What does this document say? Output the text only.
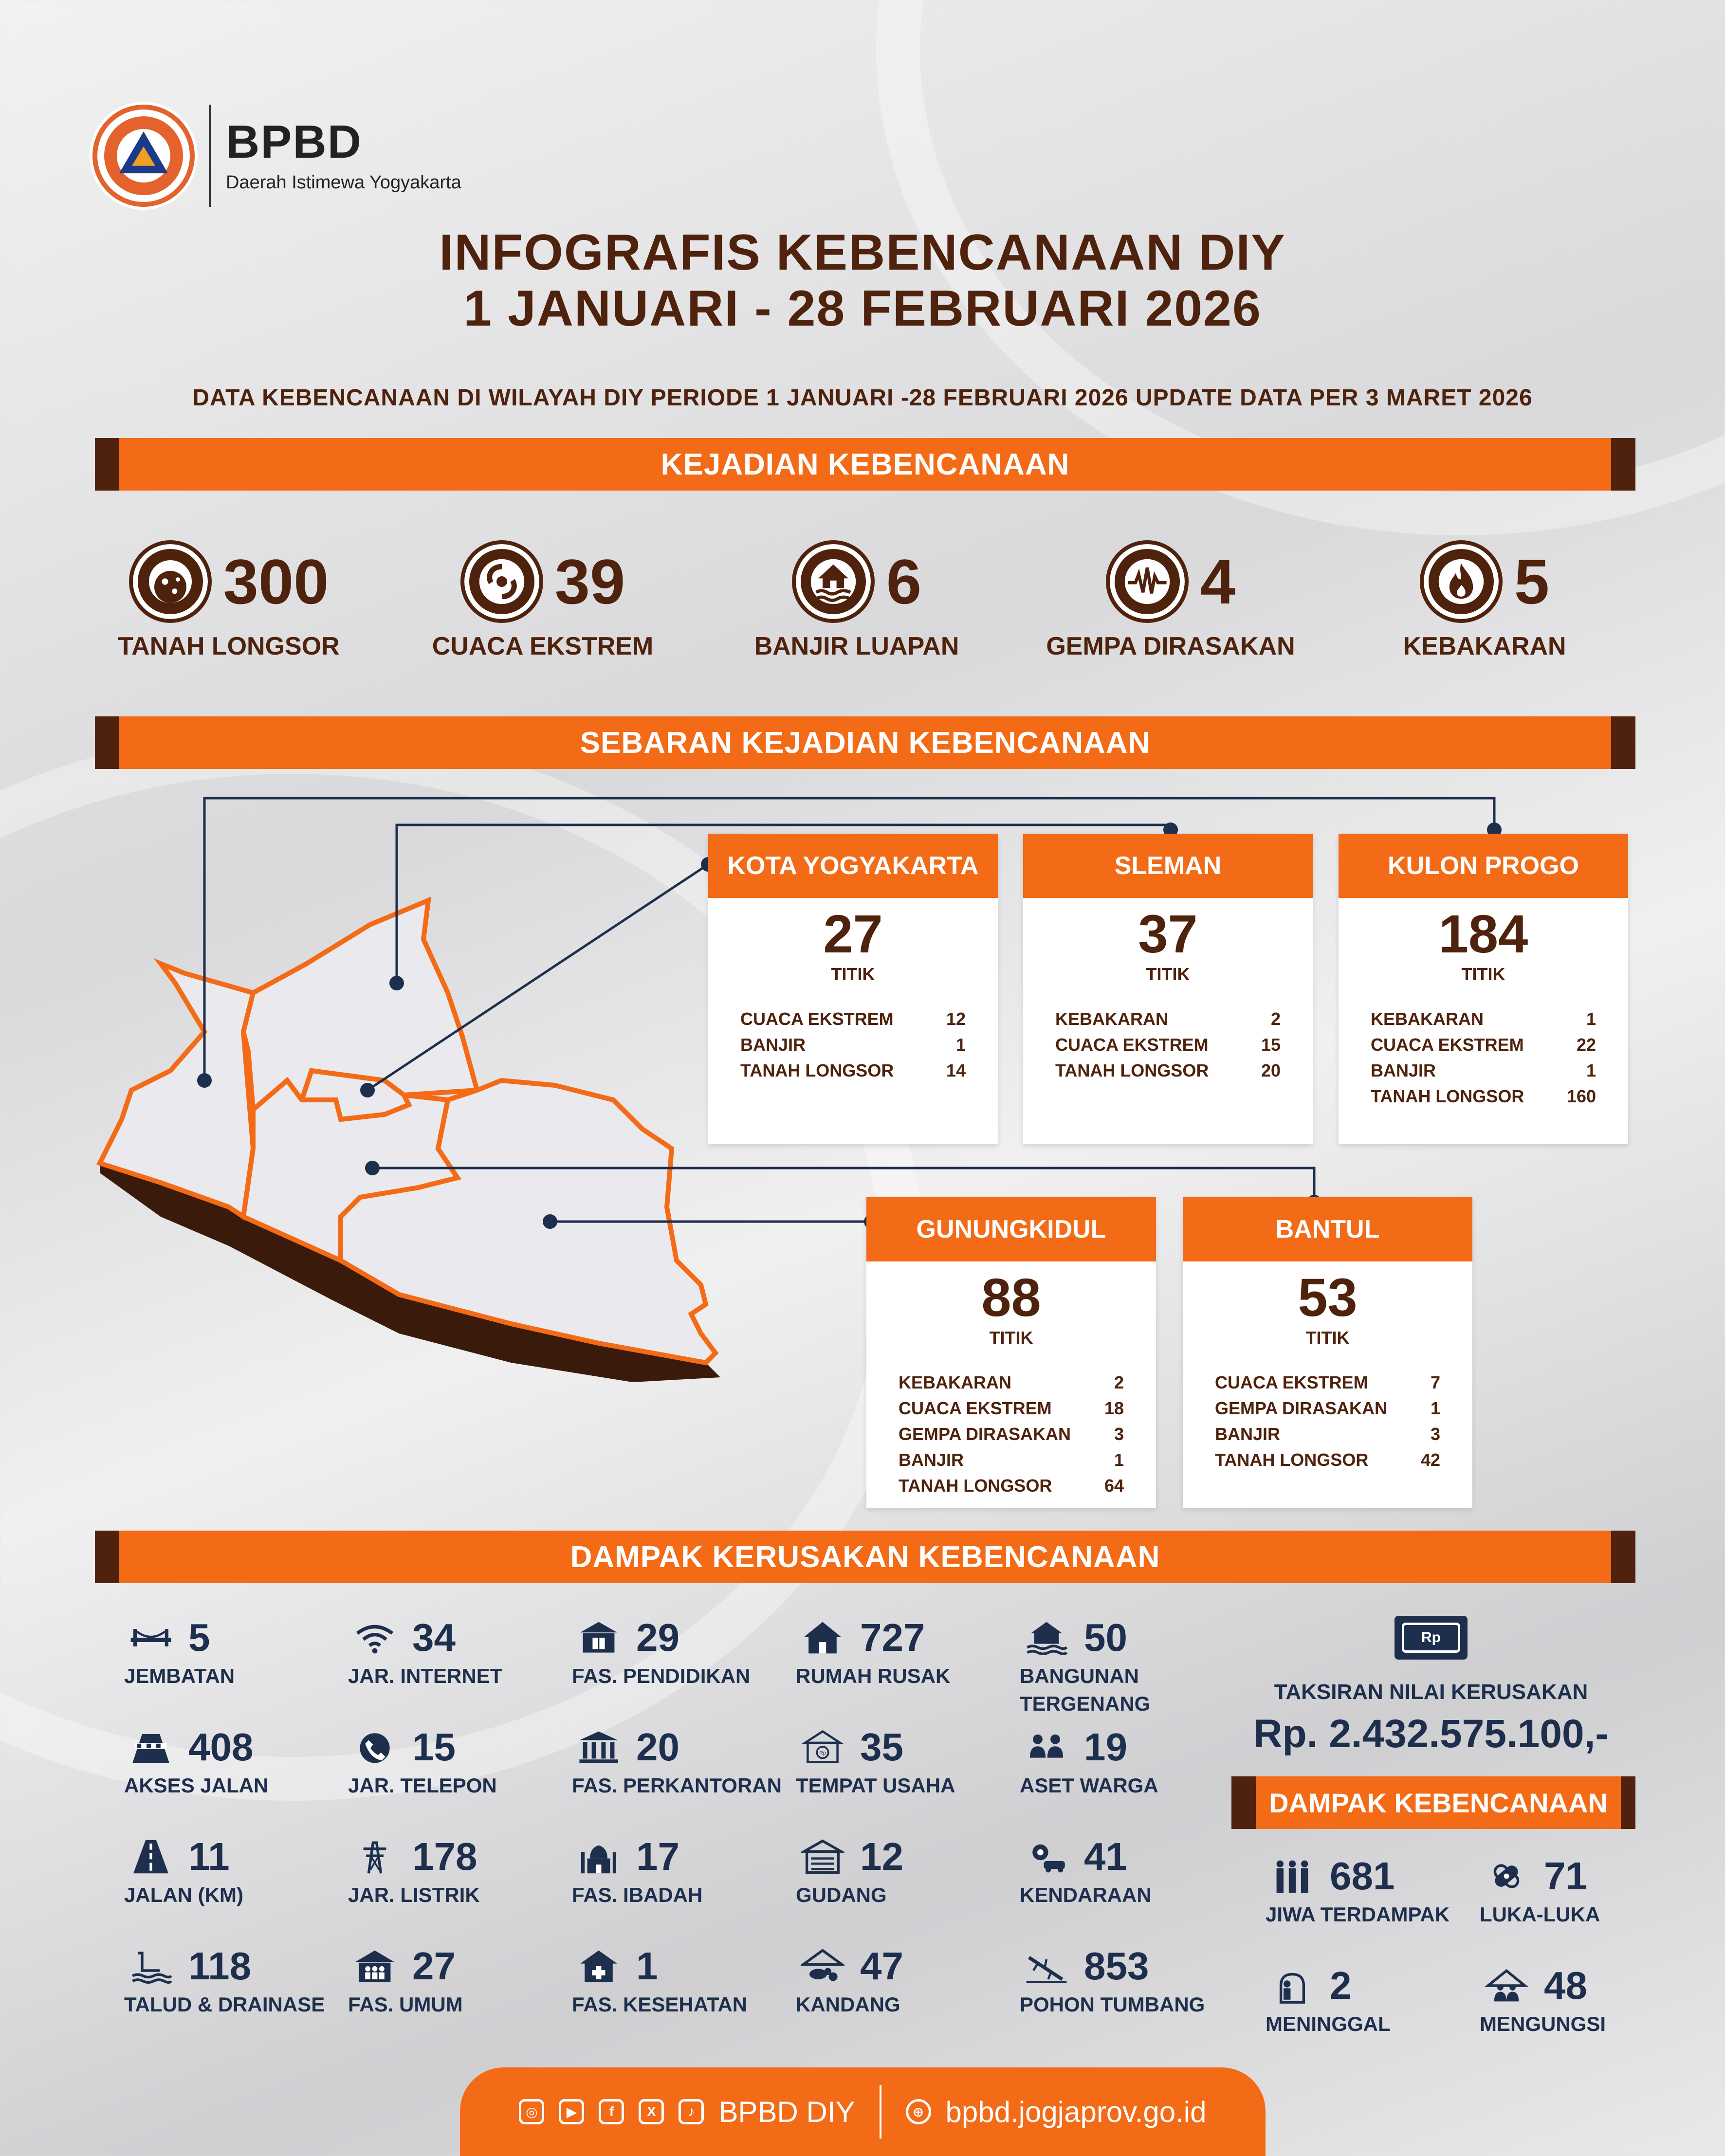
BPBD
Daerah Istimewa Yogyakarta
INFOGRAFIS KEBENCANAAN DIY
1 JANUARI - 28 FEBRUARI 2026
DATA KEBENCANAAN DI WILAYAH DIY PERIODE 1 JANUARI -28 FEBRUARI 2026 UPDATE DATA PER 3 MARET 2026
KEJADIAN KEBENCANAAN
300
TANAH LONGSOR
39
CUACA EKSTREM
6
BANJIR LUAPAN
4
GEMPA DIRASAKAN
5
KEBAKARAN
SEBARAN KEJADIAN KEBENCANAAN
KOTA YOGYAKARTA
27
TITIK
CUACA EKSTREM	12
BANJIR	1
TANAH LONGSOR	14
SLEMAN
37
TITIK
KEBAKARAN	2
CUACA EKSTREM	15
TANAH LONGSOR	20
KULON PROGO
184
TITIK
KEBAKARAN	1
CUACA EKSTREM	22
BANJIR	1
TANAH LONGSOR 160
GUNUNGKIDUL
88
TITIK
KEBAKARAN	2
CUACA EKSTREM	18
GEMPA DIRASAKAN 3
BANJIR	1
TANAH LONGSOR	64
BANTUL
53
TITIK
CUACA EKSTREM	7
GEMPA DIRASAKAN 1
BANJIR	3
TANAH LONGSOR	42
DAMPAK KERUSAKAN KEBENCANAAN
5
JEMBATAN
34
JAR. INTERNET
29
FAS. PENDIDIKAN
727
RUMAH RUSAK
50
BANGUNAN TERGENANG
408
AKSES JALAN
15
JAR. TELEPON
20
FAS. PERKANTORAN
Rp 35
TEMPAT USAHA
19
ASET WARGA
11
JALAN (KM)
178
JAR. LISTRIK
17
FAS. IBADAH
12
GUDANG
41
KENDARAAN
118
TALUD & DRAINASE
27
FAS. UMUM
1
FAS. KESEHATAN
47
KANDANG
853
POHON TUMBANG
Rp
TAKSIRAN NILAI KERUSAKAN
Rp. 2.432.575.100,-
DAMPAK KEBENCANAAN
681
JIWA TERDAMPAK
71
LUKA-LUKA
2
MENINGGAL
48
MENGUNGSI
◎	▶	f	X	♪ BPBD DIY	⊕ bpbd.jogjaprov.go.id
